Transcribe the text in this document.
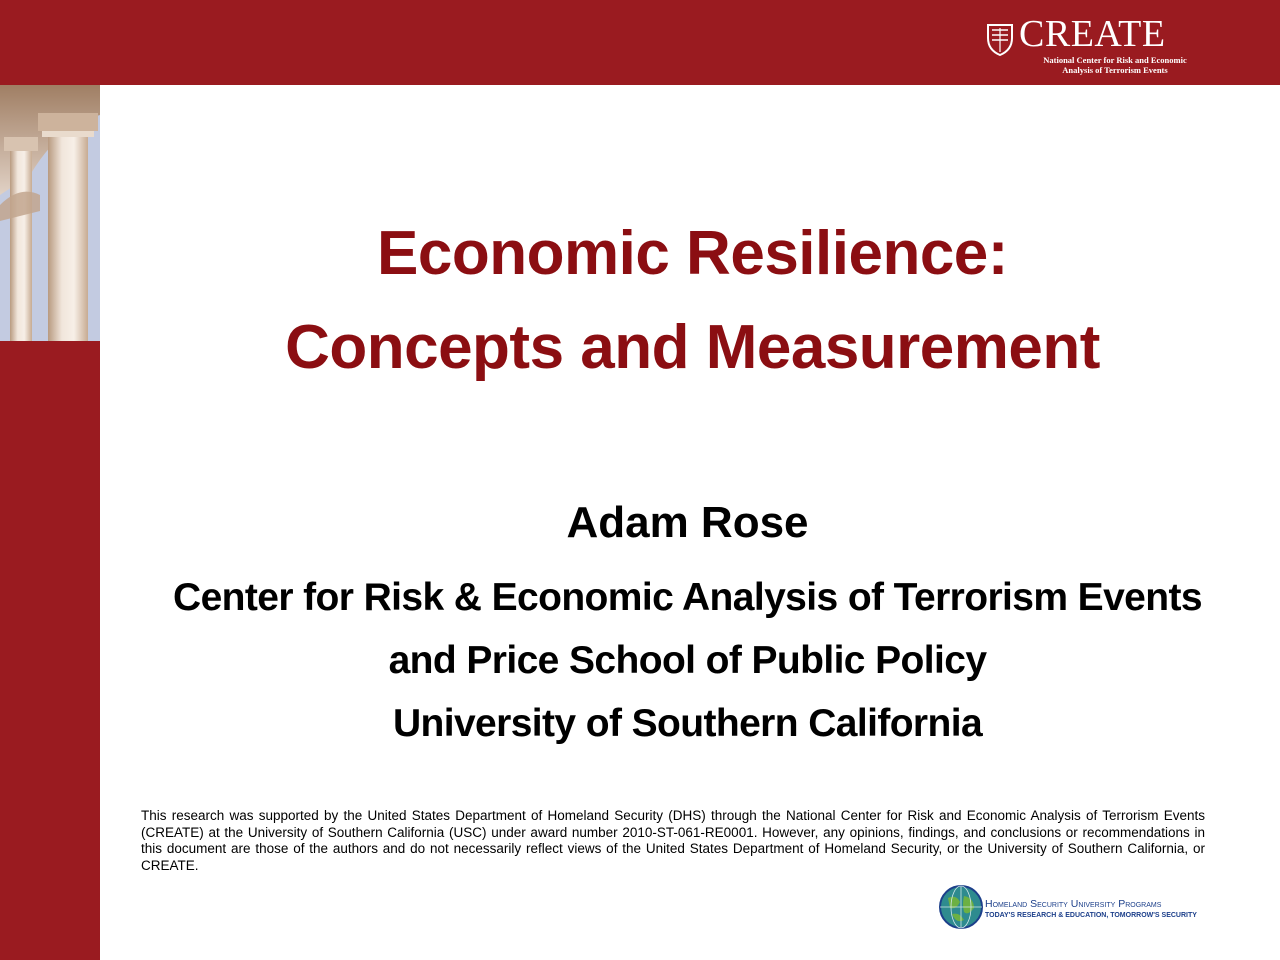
CREATE
National Center for Risk and Economic
Analysis of Terrorism Events
Economic Resilience:
Concepts and Measurement

Adam Rose

Center for Risk & Economic Analysis of Terrorism Events

and Price School of Public Policy

University of Southern California

This research was supported by the United States Department of Homeland Security (DHS) through the National Center for Risk and Economic Analysis of Terrorism Events (CREATE) at the University of Southern California (USC) under award number 2010-ST-061-RE0001. However, any opinions, findings, and conclusions or recommendations in this document are those of the authors and do not necessarily reflect views of the United States Department of Homeland Security, or the University of Southern California, or CREATE.

Homeland Security University Programs
TODAY'S RESEARCH & EDUCATION, TOMORROW'S SECURITY
